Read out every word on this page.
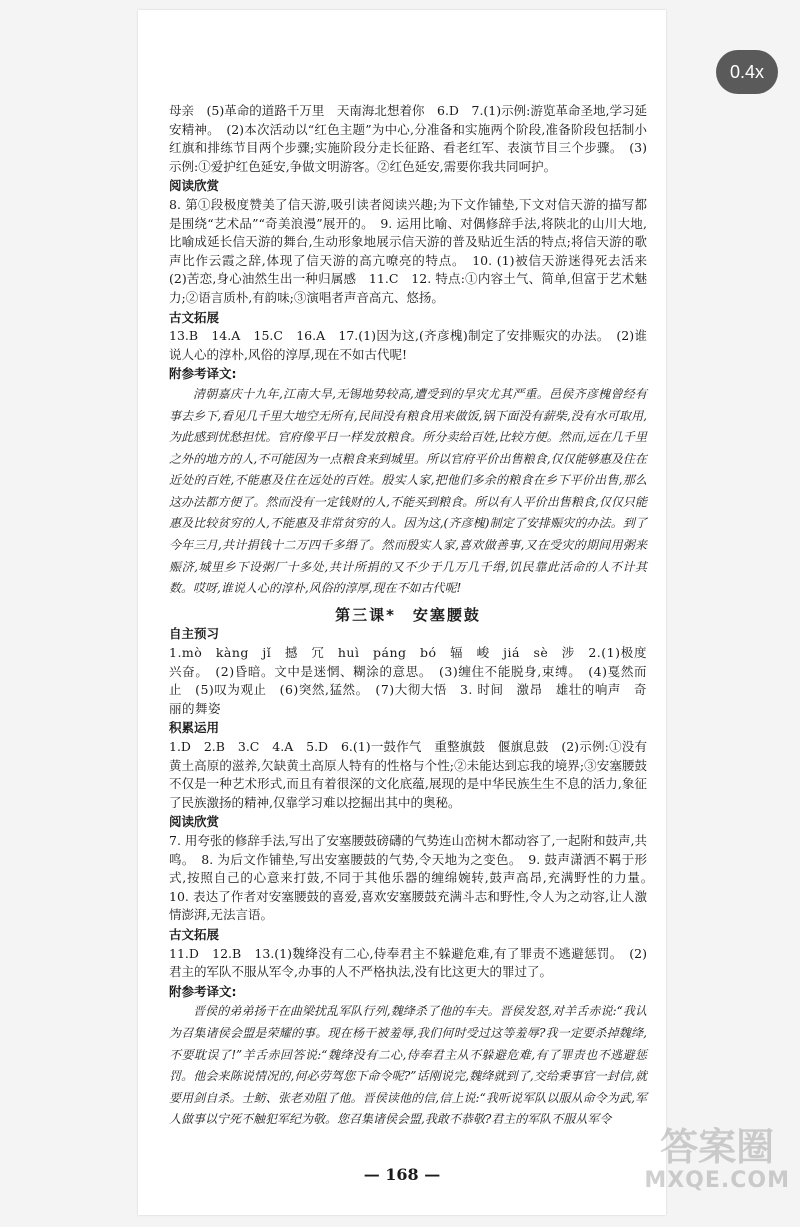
母亲　(5)革命的道路千万里　天南海北想着你　6.D　7.(1)示例:游览革命圣地,学习延安精神。　(2)本次活动以“红色主题”为中心,分准备和实施两个阶段,准备阶段包括制小红旗和排练节目两个步骤;实施阶段分走长征路、看老红军、表演节目三个步骤。　(3)示例:①爱护红色延安,争做文明游客。②红色延安,需要你我共同呵护。

阅读欣赏

8. 第①段极度赞美了信天游,吸引读者阅读兴趣;为下文作铺垫,下文对信天游的描写都是围绕“艺术品”“奇美浪漫”展开的。　9. 运用比喻、对偶修辞手法,将陕北的山川大地,比喻成延长信天游的舞台,生动形象地展示信天游的普及贴近生活的特点;将信天游的歌声比作云霞之辞,体现了信天游的高亢嘹亮的特点。　10. (1)被信天游迷得死去活来　(2)苦恋,身心油然生出一种归属感　11.C　12. 特点:①内容土气、简单,但富于艺术魅力;②语言质朴,有韵味;③演唱者声音高亢、悠扬。

古文拓展

13.B　14.A　15.C　16.A　17.(1)因为这,(齐彦槐)制定了安排赈灾的办法。　(2)谁说人心的淳朴,风俗的淳厚,现在不如古代呢!

附参考译文:

清朝嘉庆十九年,江南大旱,无锡地势较高,遭受到的旱灾尤其严重。邑侯齐彦槐曾经有事去乡下,看见几千里大地空无所有,民间没有粮食用来做饭,锅下面没有薪柴,没有水可取用,为此感到忧愁担忧。官府像平日一样发放粮食。所分卖给百姓,比较方便。然而,远在几千里之外的地方的人,不可能因为一点粮食来到城里。所以官府平价出售粮食,仅仅能够惠及住在近处的百姓,不能惠及住在远处的百姓。殷实人家,把他们多余的粮食在乡下平价出售,那么这办法都方便了。然而没有一定钱财的人,不能买到粮食。所以有人平价出售粮食,仅仅只能惠及比较贫穷的人,不能惠及非常贫穷的人。因为这,(齐彦槐)制定了安排赈灾的办法。到了今年三月,共计捐钱十二万四千多缗了。然而殷实人家,喜欢做善事,又在受灾的期间用粥来赈济,城里乡下设粥厂十多处,共计所捐的又不少于几万几千缗,饥民靠此活命的人不计其数。哎呀,谁说人心的淳朴,风俗的淳厚,现在不如古代呢!

第三课*　安塞腰鼓

自主预习

1.mò　kàng　jǐ　撼　冗　huì　páng　bó　辐　峻　jiá　sè　涉　2.(1)极度兴奋。　(2)昏暗。文中是迷惘、糊涂的意思。　(3)缠住不能脱身,束缚。　(4)戛然而止　(5)叹为观止　(6)突然,猛然。　(7)大彻大悟　3. 时间　激昂　雄壮的响声　奇丽的舞姿

积累运用

1.D　2.B　3.C　4.A　5.D　6.(1)一鼓作气　重整旗鼓　偃旗息鼓　(2)示例:①没有黄土高原的滋养,欠缺黄土高原人特有的性格与个性;②未能达到忘我的境界;③安塞腰鼓不仅是一种艺术形式,而且有着很深的文化底蕴,展现的是中华民族生生不息的活力,象征了民族激扬的精神,仅靠学习难以挖掘出其中的奥秘。

阅读欣赏

7. 用夸张的修辞手法,写出了安塞腰鼓磅礴的气势连山峦树木都动容了,一起附和鼓声,共鸣。　8. 为后文作铺垫,写出安塞腰鼓的气势,令天地为之变色。　9. 鼓声潇洒不羁于形式,按照自己的心意来打鼓,不同于其他乐器的缠绵婉转,鼓声高昂,充满野性的力量。　10. 表达了作者对安塞腰鼓的喜爱,喜欢安塞腰鼓充满斗志和野性,令人为之动容,让人激情澎湃,无法言语。

古文拓展

11.D　12.B　13.(1)魏绛没有二心,侍奉君主不躲避危难,有了罪责不逃避惩罚。　(2)君主的军队不服从军令,办事的人不严格执法,没有比这更大的罪过了。

附参考译文:

晋侯的弟弟扬干在曲梁扰乱军队行列,魏绛杀了他的车夫。晋侯发怒,对羊舌赤说:“我认为召集诸侯会盟是荣耀的事。现在杨干被羞辱,我们何时受过这等羞辱?我一定要杀掉魏绛,不要耽误了!”羊舌赤回答说:“魏绛没有二心,侍奉君主从不躲避危难,有了罪责也不逃避惩罚。他会来陈说情况的,何必劳驾您下命令呢?”话刚说完,魏绛就到了,交给秉事官一封信,就要用剑自杀。士鲂、张老劝阻了他。晋侯读他的信,信上说:“我听说军队以服从命令为武,军人做事以宁死不触犯军纪为敬。您召集诸侯会盟,我敢不恭敬?君主的军队不服从军令

— 168 —
0.4x
答案圈
MXQE.COM
